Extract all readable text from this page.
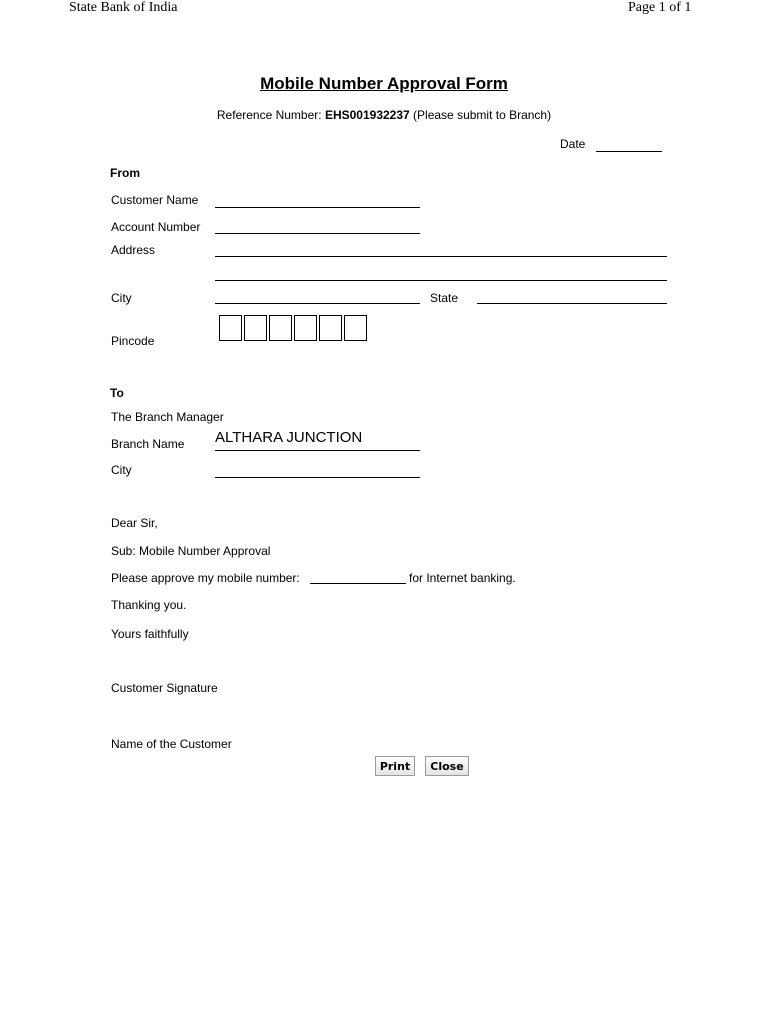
State Bank of India	Page 1 of 1
Mobile Number Approval Form
Reference Number: EHS001932237 (Please submit to Branch)
Date
From
Customer Name
Account Number
Address
City	State
Pincode
To
The Branch Manager
Branch Name ALTHARA JUNCTION
City
Dear Sir,
Sub: Mobile Number Approval
Please approve my mobile number:	for Internet banking.
Thanking you.
Yours faithfully
Customer Signature
Name of the Customer
Print	Close
